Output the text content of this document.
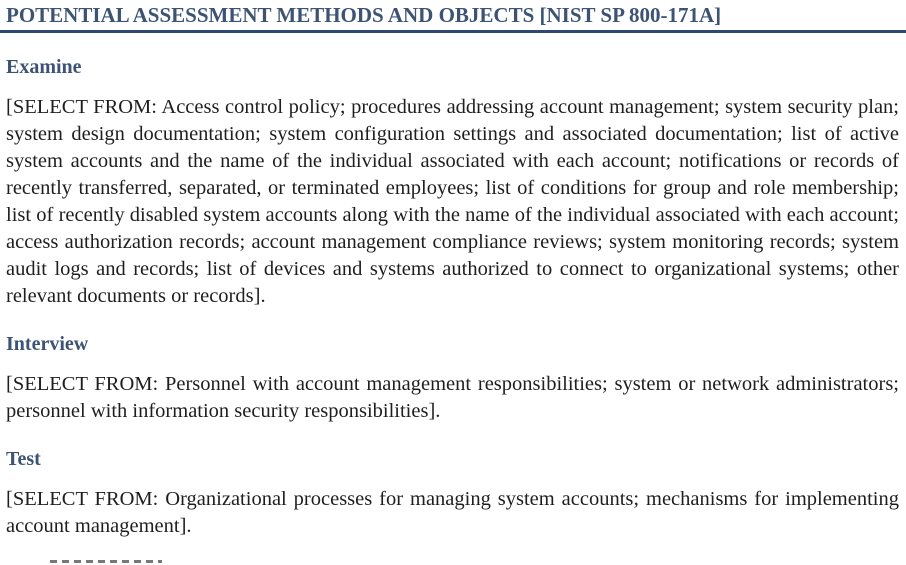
POTENTIAL ASSESSMENT METHODS AND OBJECTS [NIST SP 800-171A]
Examine

[SELECT FROM: Access control policy; procedures addressing account management; system security plan; system design documentation; system configuration settings and associated documentation; list of active system accounts and the name of the individual associated with each account; notifications or records of recently transferred, separated, or terminated employees; list of conditions for group and role membership; list of recently disabled system accounts along with the name of the individual associated with each account; access authorization records; account management compliance reviews; system monitoring records; system audit logs and records; list of devices and systems authorized to connect to organizational systems; other relevant documents or records].

Interview

[SELECT FROM: Personnel with account management responsibilities; system or network administrators; personnel with information security responsibilities].

Test

[SELECT FROM: Organizational processes for managing system accounts; mechanisms for implementing account management].
